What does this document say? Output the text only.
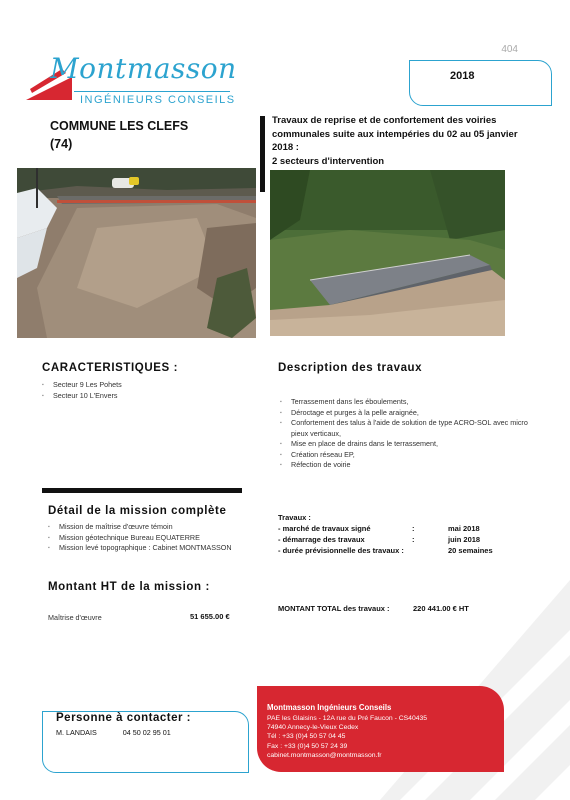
404
Montmasson
INGÉNIEURS CONSEILS
2018
COMMUNE LES CLEFS
(74)
Travaux de reprise et de confortement des voiries
communales suite aux intempéries du 02 au 05 janvier
2018 :
2 secteurs d'intervention
CARACTERISTIQUES :
▪ Secteur 9 Les Pohets
▪ Secteur 10 L'Envers
Description des travaux
▪ Terrassement dans les éboulements,
▪ Déroctage et purges à la pelle araignée,
▪ Confortement des talus à l'aide de solution de type ACRO-SOL avec micro pieux verticaux,
▪ Mise en place de drains dans le terrassement,
▪ Création réseau EP,
▪ Réfection de voirie
Détail de la mission complète
▪ Mission de maîtrise d'œuvre témoin
▪ Mission géotechnique Bureau EQUATERRE
▪ Mission levé topographique : Cabinet MONTMASSON
Travaux :
- marché de travaux signé	:	mai 2018
- démarrage des travaux	:	juin 2018
- durée prévisionnelle des travaux :	20 semaines
Montant HT de la mission :
Maîtrise d'œuvre	51 655.00 €
MONTANT TOTAL des travaux :	220 441.00 € HT
Personne à contacter :
M. LANDAIS	04 50 02 95 01
Montmasson Ingénieurs Conseils
PAE les Glaisins - 12A rue du Pré Faucon - CS40435
74940 Annecy-le-Vieux Cedex
Tél : +33 (0)4 50 57 04 45
Fax : +33 (0)4 50 57 24 39
cabinet.montmasson@montmasson.fr
